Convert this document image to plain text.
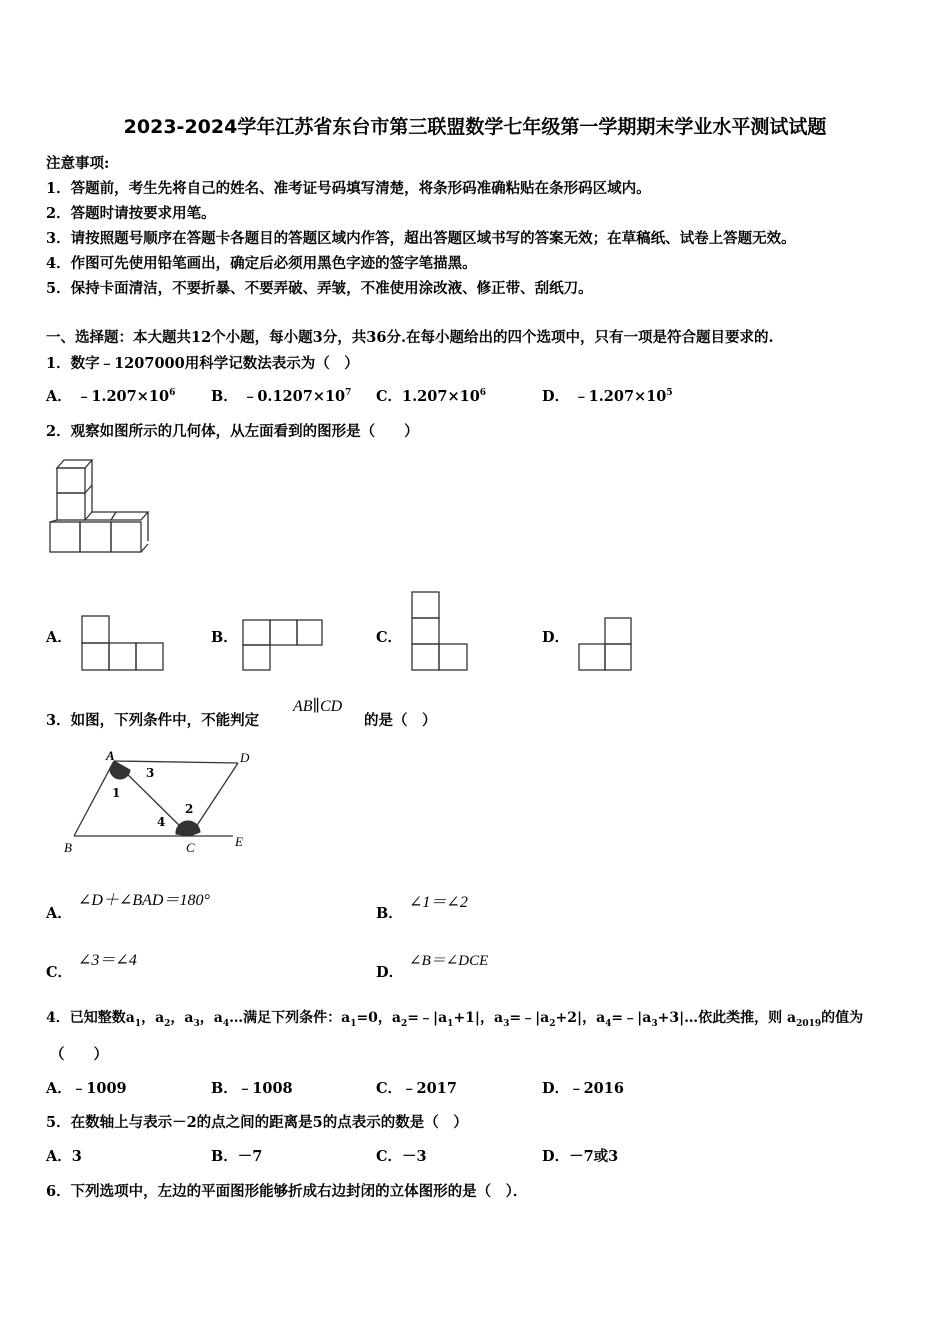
2023-2024学年江苏省东台市第三联盟数学七年级第一学期期末学业水平测试试题
注意事项:
1．答题前，考生先将自己的姓名、准考证号码填写清楚，将条形码准确粘贴在条形码区域内。
2．答题时请按要求用笔。
3．请按照题号顺序在答题卡各题目的答题区域内作答，超出答题区域书写的答案无效；在草稿纸、试卷上答题无效。
4．作图可先使用铅笔画出，确定后必须用黑色字迹的签字笔描黑。
5．保持卡面清洁，不要折暴、不要弄破、弄皱，不准使用涂改液、修正带、刮纸刀。
一、选择题：本大题共12个小题，每小题3分，共36分.在每小题给出的四个选项中，只有一项是符合题目要求的.
1．数字﹣1207000用科学记数法表示为（　）
A． $﹣1.207\times 10^6$ B． $﹣0.1207\times 10^7$ C．$1.207\times 10^6$	D． $﹣1.207\times 10^5$
2．观察如图所示的几何体，从左面看到的图形是（　　）
A．	B．	C．	D．
3．如图，下列条件中，不能判定
AB∥CD
的是（　）
A	D
B	C	E
1
2
3
4
A．
∠D＋∠BAD＝180°
B．
∠1＝∠2
C．
∠3＝∠4
D．
∠B＝∠DCE
4．已知整数$a_1$，$a_2$，$a_3$，$a_4\dots$满足下列条件：$a_1=0$，$a_2=﹣|a_1+1|$，$a_3=﹣|a_2+2|$，$a_4=﹣|a_3+3|\dots$依此类推，则 $a_{2019}$的值为
（　　）
A．﹣1009	B．﹣1008	C．﹣2017	D．﹣2016
5．在数轴上与表示－2的点之间的距离是5的点表示的数是（　）
A．3	B．－7	C．－3	D．－7或3
6．下列选项中，左边的平面图形能够折成右边封闭的立体图形的是（　）．
